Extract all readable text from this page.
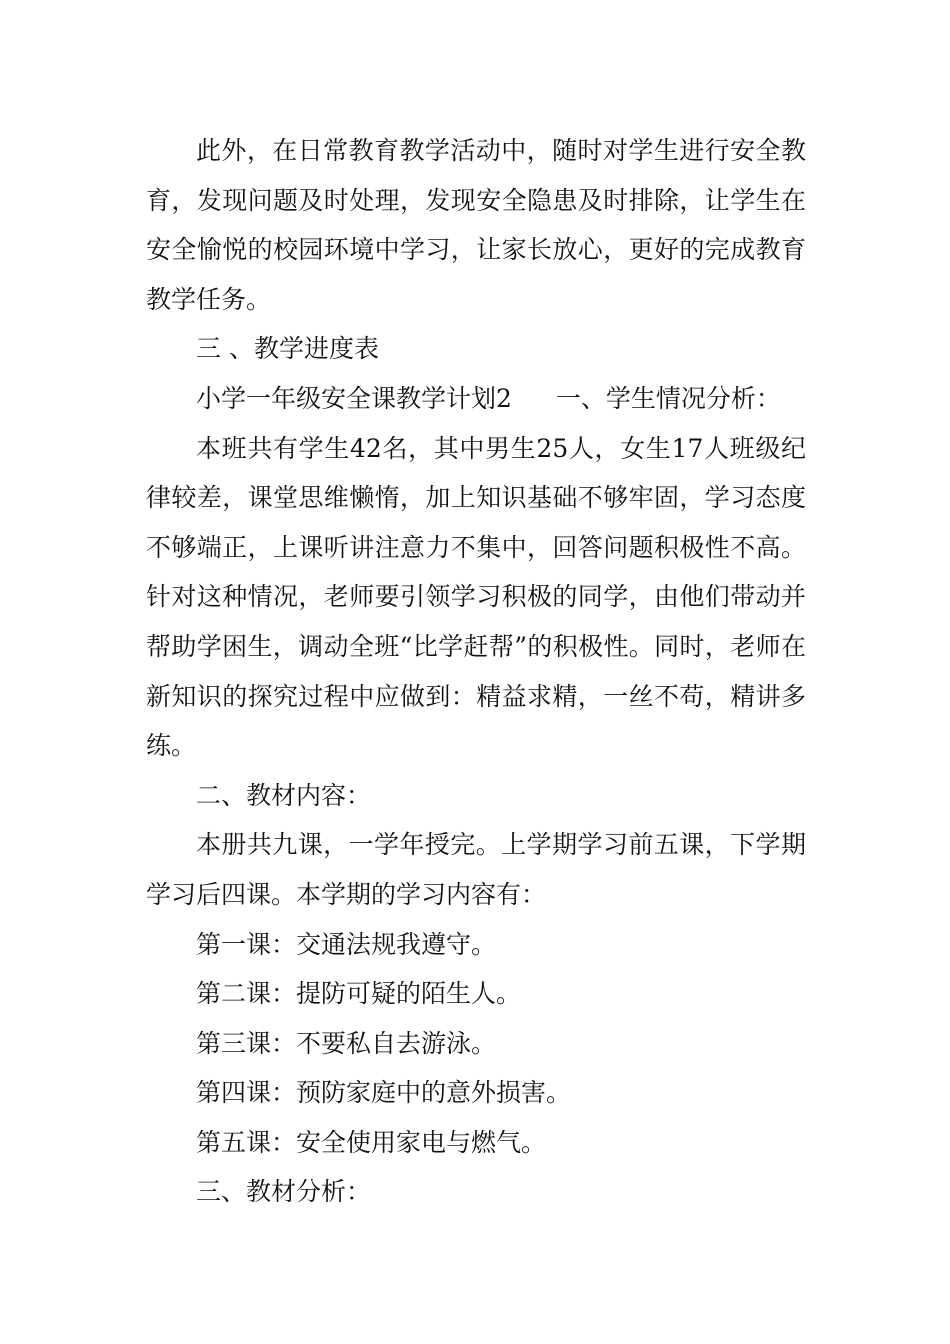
此外，在日常教育教学活动中，随时对学生进行安全教育，发现问题及时处理，发现安全隐患及时排除，让学生在安全愉悦的校园环境中学习，让家长放心，更好的完成教育教学任务。

三 、教学进度表

小学一年级安全课教学计划2 一、学生情况分析：

本班共有学生42名，其中男生25人，女生17人班级纪律较差，课堂思维懒惰，加上知识基础不够牢固，学习态度不够端正，上课听讲注意力不集中，回答问题积极性不高。针对这种情况，老师要引领学习积极的同学，由他们带动并帮助学困生，调动全班“比学赶帮”的积极性。同时，老师在新知识的探究过程中应做到：精益求精，一丝不苟，精讲多练。

二、教材内容：

本册共九课，一学年授完。上学期学习前五课，下学期学习后四课。本学期的学习内容有：

第一课：交通法规我遵守。

第二课：提防可疑的陌生人。

第三课：不要私自去游泳。

第四课：预防家庭中的意外损害。

第五课：安全使用家电与燃气。

三、教材分析：
